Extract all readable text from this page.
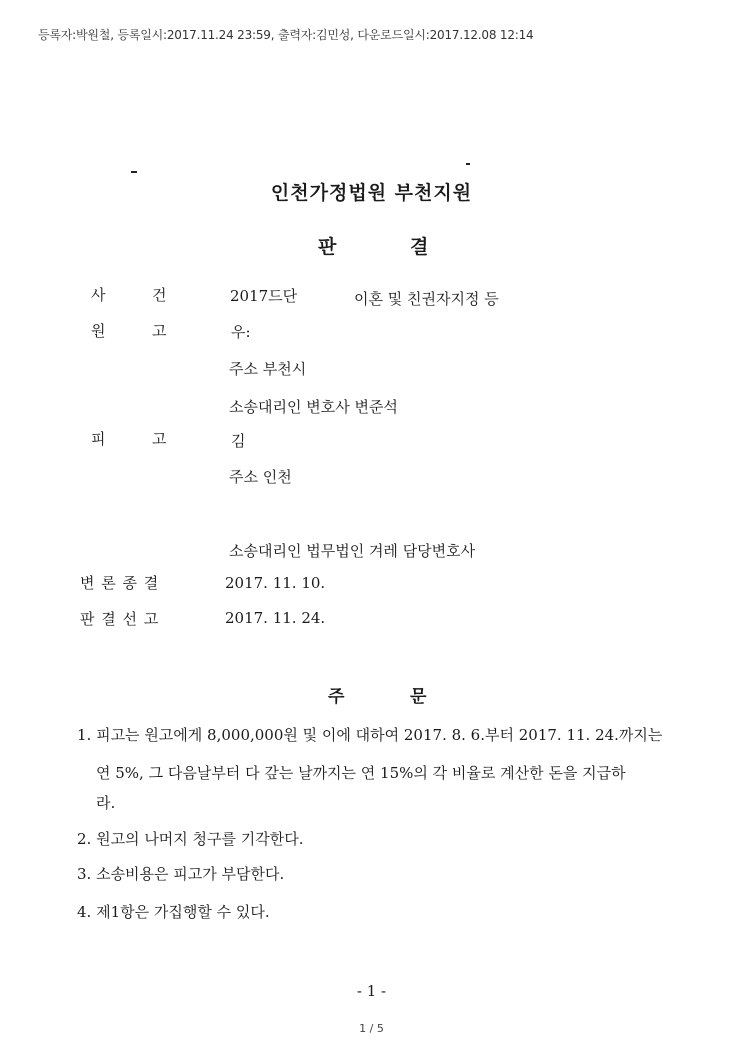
등록자:박원철, 등록일시:2017.11.24 23:59, 출력자:김민성, 다운로드일시:2017.12.08 12:14
인천가정법원 부천지원
판	결
사	건	2017드단	이혼 및 친권자지정 등
원	고	우:
주소 부천시
소송대리인 변호사 변준석
피	고	김
주소 인천
소송대리인 법무법인 겨레 담당변호사
변 론 종 결	2017. 11. 10.
판 결 선 고	2017. 11. 24.
주	문
1. 피고는 원고에게 8,000,000원 및 이에 대하여 2017. 8. 6.부터 2017. 11. 24.까지는
연 5%, 그 다음날부터 다 갚는 날까지는 연 15%의 각 비율로 계산한 돈을 지급하
라.
2. 원고의 나머지 청구를 기각한다.
3. 소송비용은 피고가 부담한다.
4. 제1항은 가집행할 수 있다.
- 1 -
1 / 5
